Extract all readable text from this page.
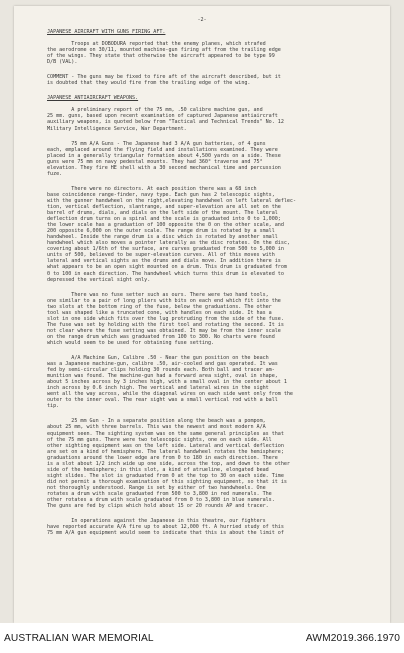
-2-
JAPANESE AIRCRAFT WITH GUNS FIRING AFT.
Troops at DOBODURA reported that the enemy planes, which strafed
the aerodrome on 30/11, mounted machine-gun firing aft from the trailing edge
of the wings. They state that otherwise the aircraft appeared to be type 99
D/B (VAL).
COMMENT - The guns may be fixed to fire aft of the aircraft described, but it
is doubted that they would fire from the trailing edge of the wing.
JAPANESE ANTIAIRCRAFT WEAPONS.
A preliminary report of the 75 mm, .50 calibre machine gun, and
25 mm. guns, based upon recent examination of captured Japanese antiaircraft
auxiliary weapons, is quoted below from "Tactical and Technical Trends" No. 12
Military Intelligence Service, War Department.
75 mm A/A Guns - The Japanese had 3 A/A gun batteries, of 4 guns
each, emplaced around the flying field and installations examined. They were
placed in a generally triangular formation about 4,500 yards on a side. These
guns were 75 mm on navy pedestal mounts. They had 360° traverse and 75°
elevation. They fire HE shell with a 30 second mechanical time and percussion
fuze.
There were no directors. At each position there was a 68 inch
base coincidence range-finder, navy type. Each gun has 2 telescopic sights,
with the gunner handwheel on the right,elevating handwheel on left lateral deflec-
tion, vertical deflection, slantrange, and super-elevation are all set on the
barrel of drums, dials, and dials on the left side of the mount. The lateral
deflection drum turns on a spiral and the scale is graduated into 0 to 1,000;
the lower scale has a graduation of 100 opposite the 0 on the other scale, and
200 opposite 6,000 on the outer scale. The range drum is rotated by a small
handwheel. Inside the range drum is a disc which is rotated by another small
handwheel which also moves a pointer laterally as the disc rotates. On the disc,
covering about 1/6th of the surface, are curves graduated from 500 to 5,000 in
units of 500, believed to be super-elevation curves. All of this moves with
lateral and vertical sights as the drums and dials move. In addition there is
what appears to be an open sight mounted on a drum. This drum is graduated from
0 to 100 in each direction. The handwheel which turns this drum is elevated to
depressed the vertical sight only.
There was no fuse setter such as ours. There were two hand tools,
one similar to a pair of long pliers with bits on each end which fit into the
two slots at the bottom ring of the fuse, below the graduations. The other
tool was shaped like a truncated cone, with handles on each side. It has a
slot in one side which fits over the lug protruding from the side of the fuse.
The fuse was set by holding with the first tool and rotating the second. It is
not clear where the fuse setting was obtained. It may be from the inner scale
on the range drum which was graduated from 100 to 300. No charts were found
which would seem to be used for obtaining fuse setting.
A/A Machine Gun, Calibre .50 - Near the gun position on the beach
was a Japanese machine-gun, calibre .50, air-cooled and gas operated. It was
fed by semi-circular clips holding 30 rounds each. Both ball and tracer am-
munition was found. The machine-gun had a forward area sight, oval in shape,
about 5 inches across by 3 inches high, with a small oval in the center about 1
inch across by 0.6 inch high. The vertical and lateral wires in the sight
went all the way across, while the diagonal wires on each side went only from the
outer to the inner oval. The rear sight was a small vertical rod with a ball
tip.
25 mm Gun - In a separate position along the beach was a pompom,
about 25 mm, with three barrels. This was the newest and most modern A/A
equipment seen. The sighting system was on the same general principles as that
of the 75 mm guns. There were two telescopic sights, one on each side. All
other sighting equipment was on the left side. Lateral and vertical deflection
are set on a kind of hemisphere. The lateral handwheel rotates the hemisphere;
graduations around the lower edge are from 0 to 180 in each direction. There
is a slot about 1/2 inch wide up one side, across the top, and down to the other
side of the hemisphere; in this slot, a kind of atrueline, elongated bead
sight slides. The slot is graduated from 0 at the top to 30 on each side. Time
did not permit a thorough examination of this sighting equipment, so that it is
not thoroughly understood. Range is set by either of two handwheels. One
rotates a drum with scale graduated from 500 to 3,800 in red numerals. The
other rotates a drum with scale graduated from 0 to 3,800 in blue numerals.
The guns are fed by clips which hold about 15 or 20 rounds AP and tracer.
In operations against the Japanese in this theatre, our fighters
have reported accurate A/A fire up to about 12,000 ft. A hurried study of this
75 mm A/A gun equipment would seem to indicate that this is about the limit of
AUSTRALIAN WAR MEMORIAL	AWM2019.366.1970
